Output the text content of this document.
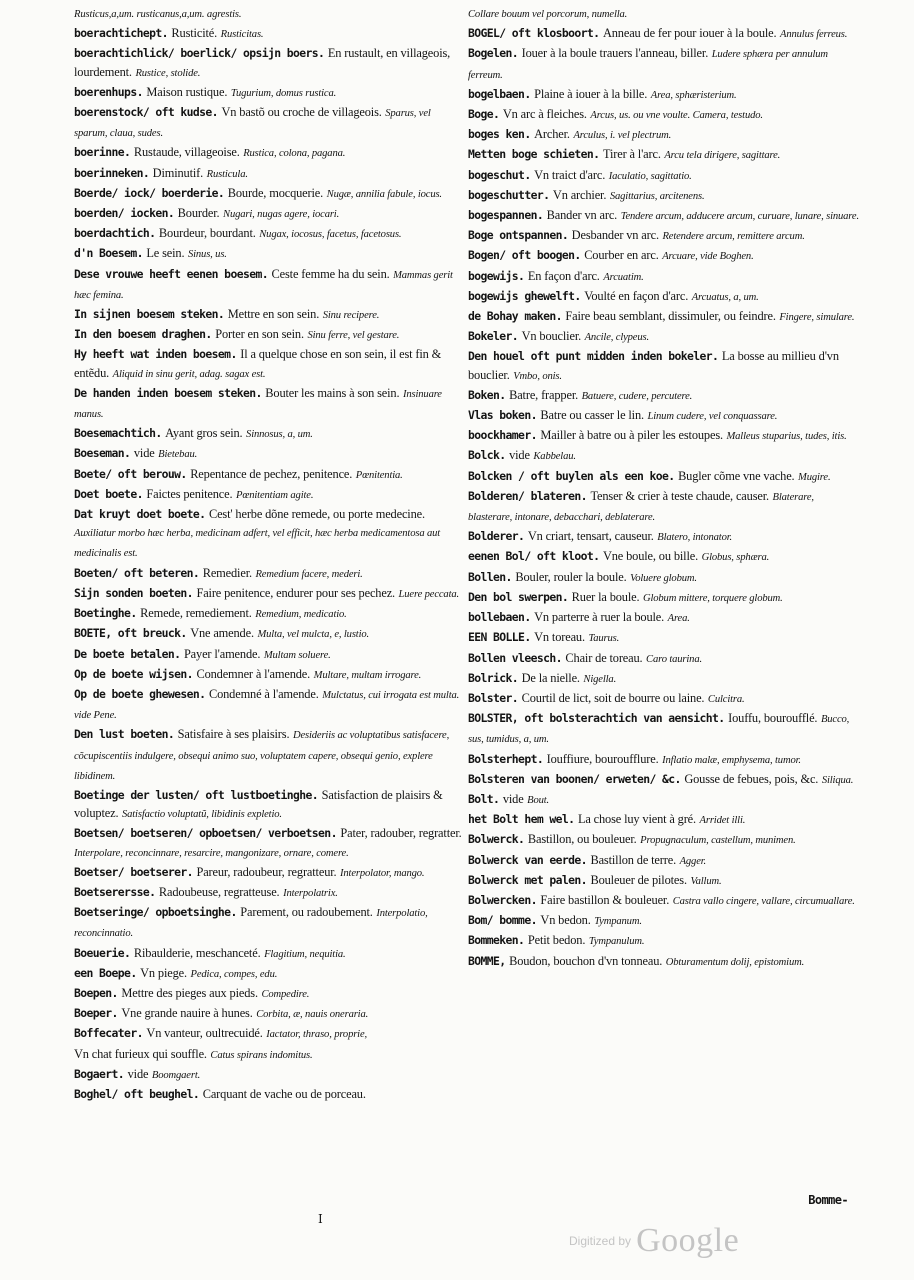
Rusticus,a,um. rusticanus,a,um. agrestis.

boerachtichept. Rusticité. Rusticitas.

boerachtichlick/ boerlick/ opsijn boers. En rustault, en villageois, lourdement. Rustice, stolide.

boerenhups. Maison rustique. Tugurium, domus rustica.

boerenstock/ oft kudse. Vn bastõ ou croche de villageois. Sparus, vel sparum, claua, sudes.

boerinne. Rustaude, villageoise. Rustica, colona, pagana.

boerinneken. Diminutif. Rusticula.

Boerde/ iock/ boerderie. Bourde, mocquerie. Nugæ, annilia fabule, iocus.

boerden/ iocken. Bourder. Nugari, nugas agere, iocari.

boerdachtich. Bourdeur, bourdant. Nugax, iocosus, facetus, facetosus.

d'n Boesem. Le sein. Sinus, us.

Dese vrouwe heeft eenen boesem. Ceste femme ha du sein. Mammas gerit hæc femina.

In sijnen boesem steken. Mettre en son sein. Sinu recipere.

In den boesem draghen. Porter en son sein. Sinu ferre, vel gestare.

Hy heeft wat inden boesem. Il a quelque chose en son sein, il est fin & entẽdu. Aliquid in sinu gerit, adag. sagax est.

De handen inden boesem steken. Bouter les mains à son sein. Insinuare manus.

Boesemachtich. Ayant gros sein. Sinnosus, a, um.

Boeseman. vide Bietebau.

Boete/ oft berouw. Repentance de pechez, penitence. Pœnitentia.

Doet boete. Faictes penitence. Pœnitentiam agite.

Dat kruyt doet boete. Cest' herbe dõne remede, ou porte medecine. Auxiliatur morbo hæc herba, medicinam adfert, vel efficit, hæc herba medicamentosa aut medicinalis est.

Boeten/ oft beteren. Remedier. Remedium facere, mederi.

Sijn sonden boeten. Faire penitence, endurer pour ses pechez. Luere peccata.

Boetinghe. Remede, remediement. Remedium, medicatio.

BOETE, oft breuck. Vne amende. Multa, vel mulcta, e, lustio.

De boete betalen. Payer l'amende. Multam soluere.

Op de boete wijsen. Condemner à l'amende. Multare, multam irrogare.

Op de boete ghewesen. Condemné à l'amende. Mulctatus, cui irrogata est multa. vide Pene.

Den lust boeten. Satisfaire à ses plaisirs. Desideriis ac voluptatibus satisfacere, cõcupiscentiis indulgere, obsequi animo suo, voluptatem capere, obsequi genio, explere libidinem.

Boetinge der lusten/ oft lustboetinghe. Satisfaction de plaisirs & voluptez. Satisfactio voluptatũ, libidinis expletio.

Boetsen/ boetseren/ opboetsen/ verboetsen. Pater, radouber, regratter. Interpolare, reconcinnare, resarcire, mangonizare, ornare, comere.

Boetser/ boetserer. Pareur, radoubeur, regratteur. Interpolator, mango.

Boetserersse. Radoubeuse, regratteuse. Interpolatrix.

Boetseringe/ opboetsinghe. Parement, ou radoubement. Interpolatio, reconcinnatio.

Boeuerie. Ribaulderie, meschanceté. Flagitium, nequitia.

een Boepe. Vn piege. Pedica, compes, edu.

Boepen. Mettre des pieges aux pieds. Compedire.

Boeper. Vne grande nauire à hunes. Corbita, æ, nauis oneraria.

Boffecater. Vn vanteur, oultrecuidé. Iactator, thraso, proprie,

Vn chat furieux qui souffle. Catus spirans indomitus.

Bogaert. vide Boomgaert.

Boghel/ oft beughel. Carquant de vache ou de porceau.

Collare bouum vel porcorum, numella.

BOGEL/ oft klosboort. Anneau de fer pour iouer à la boule. Annulus ferreus.

Bogelen. Iouer à la boule trauers l'anneau, biller. Ludere sphæra per annulum ferreum.

bogelbaen. Plaine à iouer à la bille. Area, sphæristerium.

Boge. Vn arc à fleiches. Arcus, us. ou vne voulte. Camera, testudo.

boges ken. Archer. Arculus, i. vel plectrum.

Metten boge schieten. Tirer à l'arc. Arcu tela dirigere, sagittare.

bogeschut. Vn traict d'arc. Iaculatio, sagittatio.

bogeschutter. Vn archier. Sagittarius, arcitenens.

bogespannen. Bander vn arc. Tendere arcum, adducere arcum, curuare, lunare, sinuare.

Boge ontspannen. Desbander vn arc. Retendere arcum, remittere arcum.

Bogen/ oft boogen. Courber en arc. Arcuare, vide Boghen.

bogewijs. En façon d'arc. Arcuatim.

bogewijs ghewelft. Voulté en façon d'arc. Arcuatus, a, um.

de Bohay maken. Faire beau semblant, dissimuler, ou feindre. Fingere, simulare.

Bokeler. Vn bouclier. Ancile, clypeus.

Den houel oft punt midden inden bokeler. La bosse au millieu d'vn bouclier. Vmbo, onis.

Boken. Batre, frapper. Batuere, cudere, percutere.

Vlas boken. Batre ou casser le lin. Linum cudere, vel conquassare.

boockhamer. Mailler à batre ou à piler les estoupes. Malleus stuparius, tudes, itis.

Bolck. vide Kabbelau.

Bolcken / oft buylen als een koe. Bugler cõme vne vache. Mugire.

Bolderen/ blateren. Tenser & crier à teste chaude, causer. Blaterare, blasterare, intonare, debacchari, deblaterare.

Bolderer. Vn criart, tensart, causeur. Blatero, intonator.

eenen Bol/ oft kloot. Vne boule, ou bille. Globus, sphæra.

Bollen. Bouler, rouler la boule. Voluere globum.

Den bol swerpen. Ruer la boule. Globum mittere, torquere globum.

bollebaen. Vn parterre à ruer la boule. Area.

EEN BOLLE. Vn toreau. Taurus.

Bollen vleesch. Chair de toreau. Caro taurina.

Bolrick. De la nielle. Nigella.

Bolster. Courtil de lict, soit de bourre ou laine. Culcitra.

BOLSTER, oft bolsterachtich van aensicht. Iouffu, bouroufflé. Bucco, sus, tumidus, a, um.

Bolsterhept. Iouffiure, bouroufflure. Inflatio malæ, emphysema, tumor.

Bolsteren van boonen/ erweten/ &c. Gousse de febues, pois, &c. Siliqua.

Bolt. vide Bout.

het Bolt hem wel. La chose luy vient à gré. Arridet illi.

Bolwerck. Bastillon, ou bouleuer. Propugnaculum, castellum, munimen.

Bolwerck van eerde. Bastillon de terre. Agger.

Bolwerck met palen. Bouleuer de pilotes. Vallum.

Bolwercken. Faire bastillon & bouleuer. Castra vallo cingere, vallare, circumuallare.

Bom/ bomme. Vn bedon. Tympanum.

Bommeken. Petit bedon. Tympanulum.

BOMME, Boudon, bouchon d'vn tonneau. Obturamentum dolij, epistomium.

Bomme-
I
$^{Digitized by}$ Google
